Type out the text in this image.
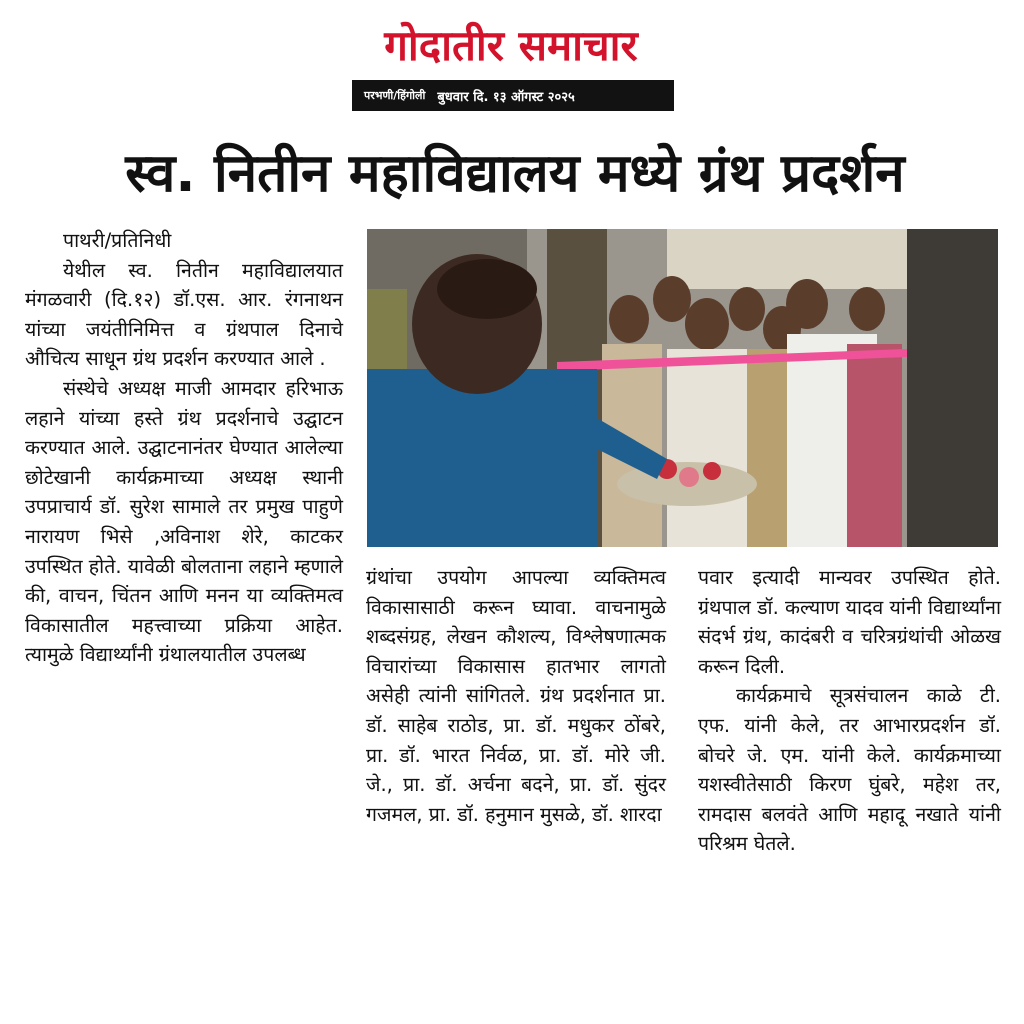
गोदातीर समाचार
परभणी/हिंगोली बुधवार दि. १३ ऑगस्ट २०२५
स्व. नितीन महाविद्यालय मध्ये ग्रंथ प्रदर्शन

पाथरी/प्रतिनिधी

येथील स्व. नितीन महाविद्यालयात मंगळवारी (दि.१२) डॉ.एस. आर. रंगनाथन यांच्या जयंतीनिमित्त व ग्रंथपाल दिनाचे औचित्य साधून ग्रंथ प्रदर्शन करण्यात आले .

संस्थेचे अध्यक्ष माजी आमदार हरिभाऊ लहाने यांच्या हस्ते ग्रंथ प्रदर्शनाचे उद्घाटन करण्यात आले. उद्घाटनानंतर घेण्यात आलेल्या छोटेखानी कार्यक्रमाच्या अध्यक्ष स्थानी उपप्राचार्य डॉ. सुरेश सामाले तर प्रमुख पाहुणे नारायण भिसे ,अविनाश शेरे, काटकर उपस्थित होते. यावेळी बोलताना लहाने म्हणाले की, वाचन, चिंतन आणि मनन या व्यक्तिमत्व विकासातील महत्त्वाच्या प्रक्रिया आहेत. त्यामुळे विद्यार्थ्यांनी ग्रंथालयातील उपलब्ध

ग्रंथांचा उपयोग आपल्या व्यक्तिमत्व विकासासाठी करून घ्यावा. वाचनामुळे शब्दसंग्रह, लेखन कौशल्य, विश्लेषणात्मक विचारांच्या विकासास हातभार लागतो असेही त्यांनी सांगितले. ग्रंथ प्रदर्शनात प्रा. डॉ. साहेब राठोड, प्रा. डॉ. मधुकर ठोंबरे, प्रा. डॉ. भारत निर्वळ, प्रा. डॉ. मोरे जी. जे., प्रा. डॉ. अर्चना बदने, प्रा. डॉ. सुंदर गजमल, प्रा. डॉ. हनुमान मुसळे, डॉ. शारदा

पवार इत्यादी मान्यवर उपस्थित होते. ग्रंथपाल डॉ. कल्याण यादव यांनी विद्यार्थ्यांना संदर्भ ग्रंथ, कादंबरी व चरित्रग्रंथांची ओळख करून दिली.

कार्यक्रमाचे सूत्रसंचालन काळे टी. एफ. यांनी केले, तर आभारप्रदर्शन डॉ. बोचरे जे. एम. यांनी केले. कार्यक्रमाच्या यशस्वीतेसाठी किरण घुंबरे, महेश तर, रामदास बलवंते आणि महादू नखाते यांनी परिश्रम घेतले.
